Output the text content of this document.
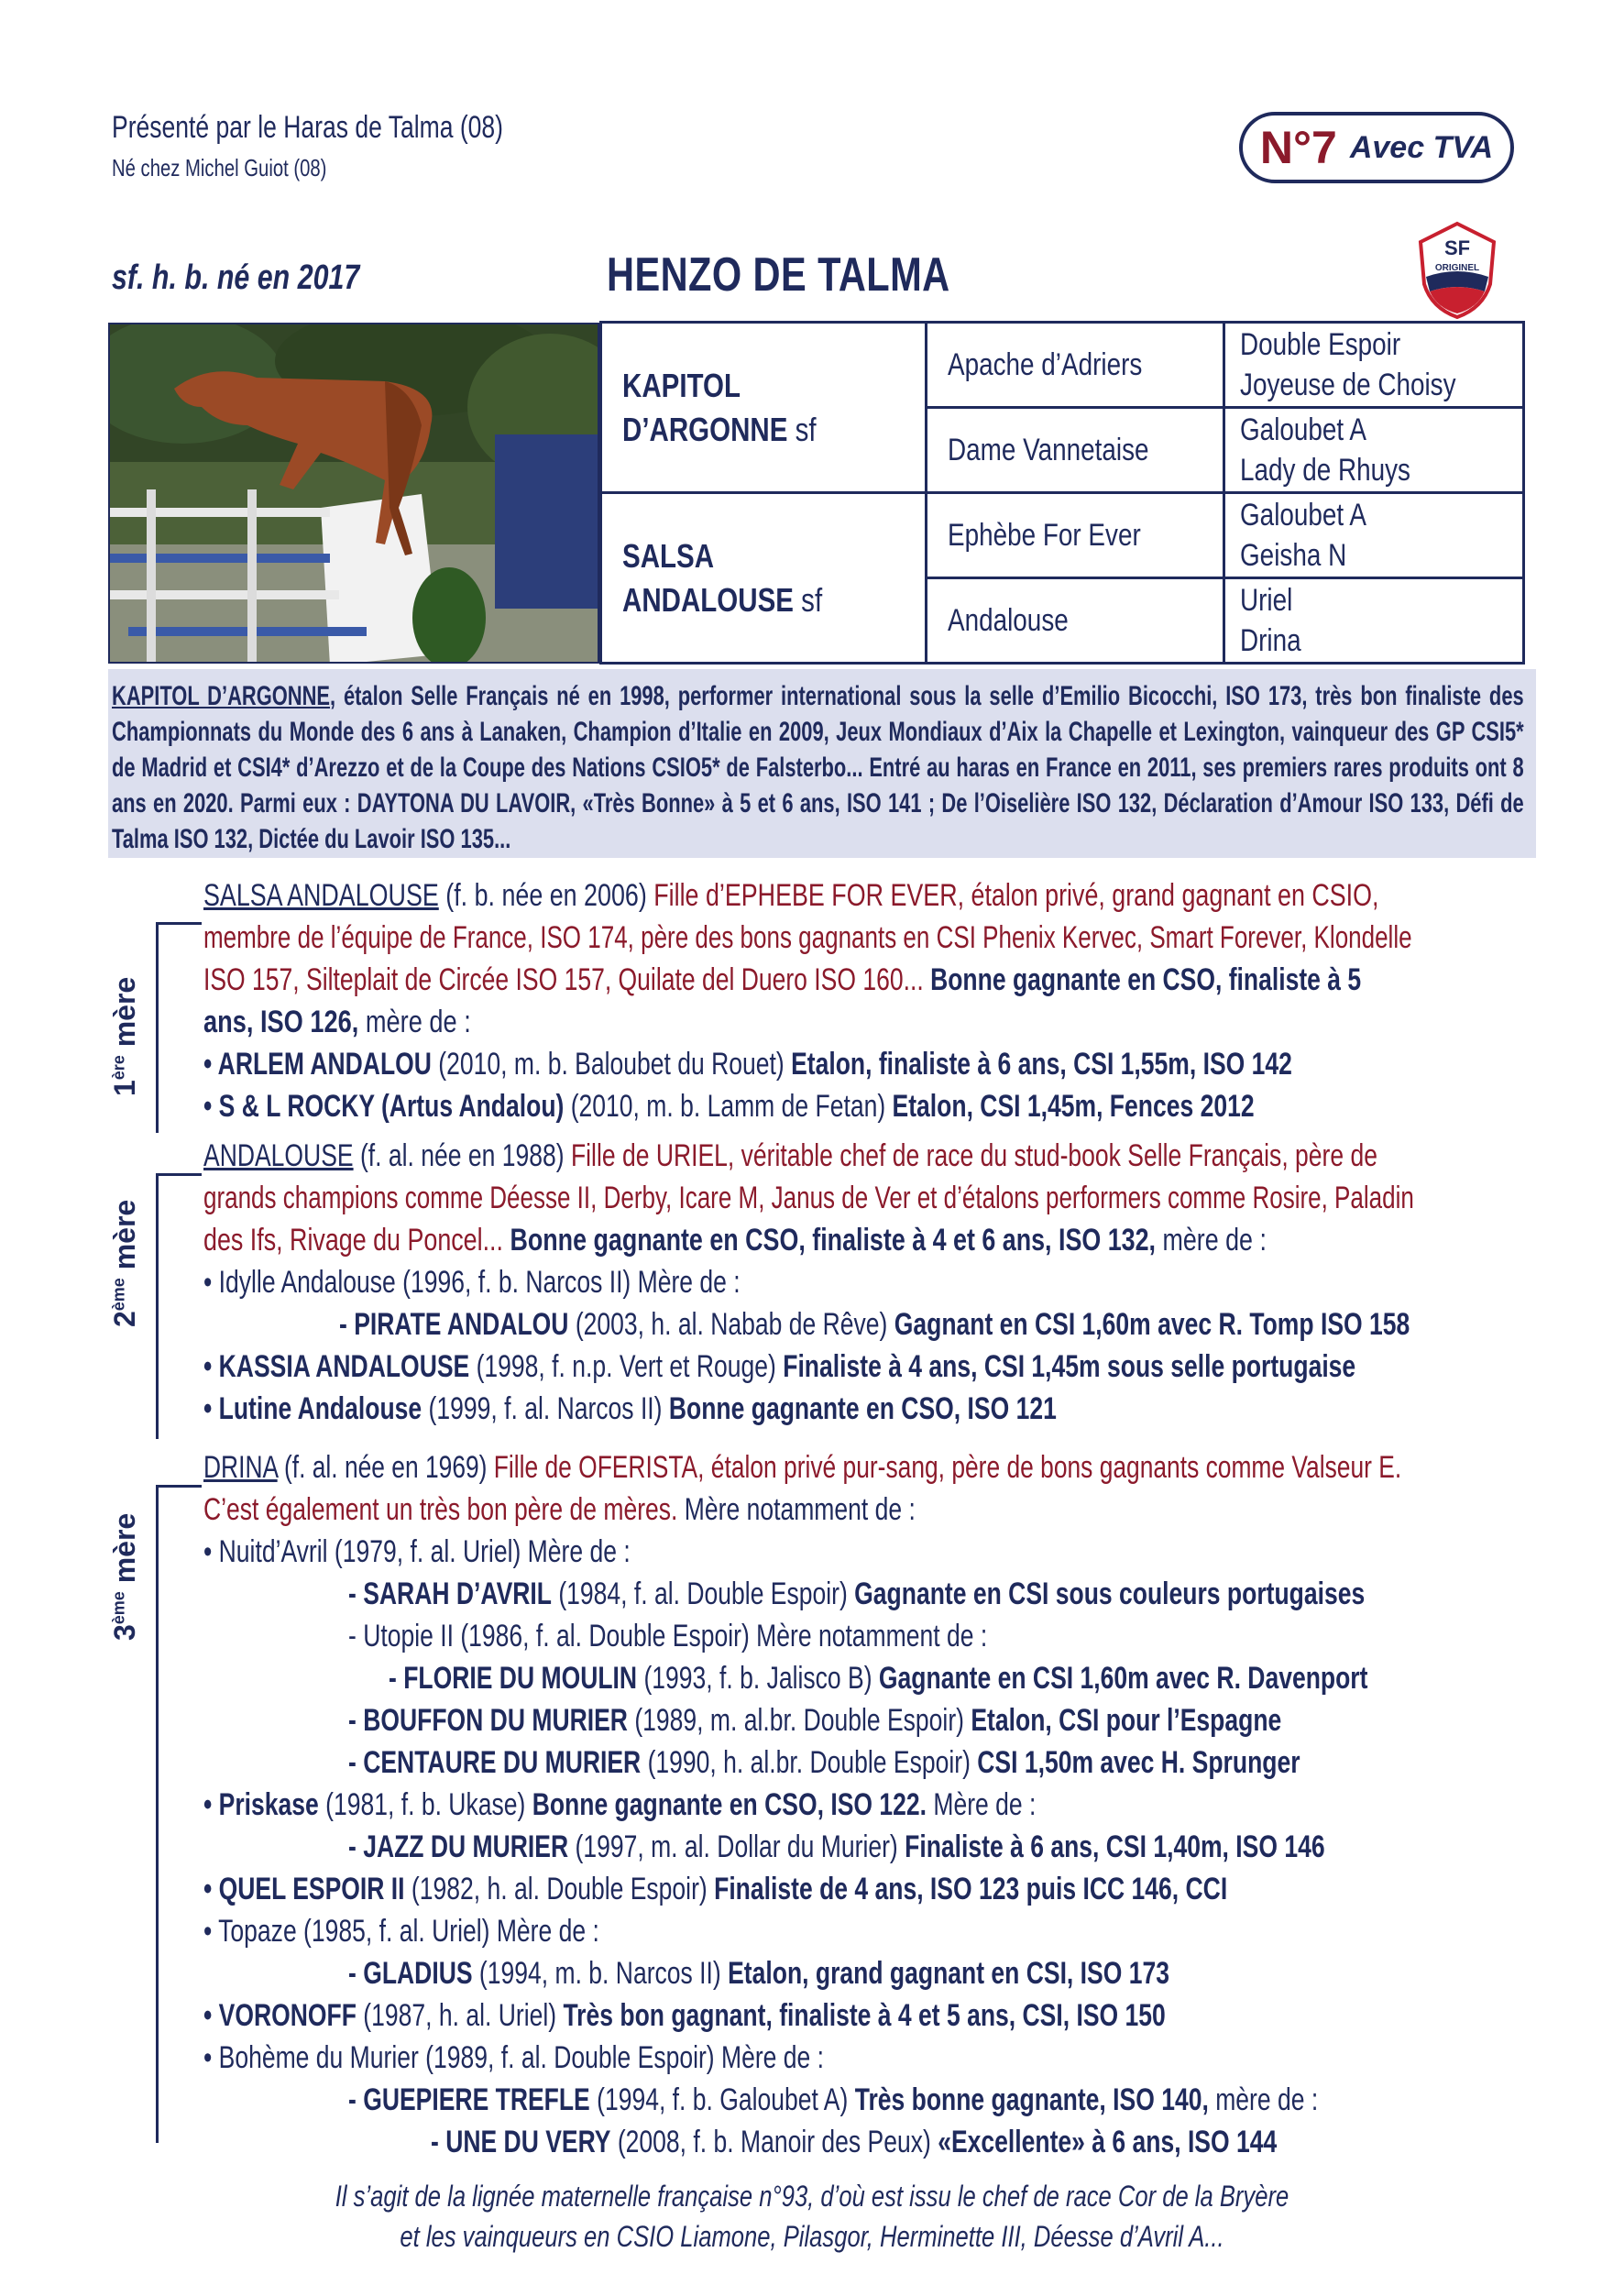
Présenté par le Haras de Talma (08)
Né chez Michel Guiot (08)	N°7 Avec TVA
sf. h. b. né en 2017	HENZO DE TALMA
SF
ORIGINEL
KAPITOL D’ARGONNE sf	Apache d’Adriers	Double Espoir
Joyeuse de Choisy
	Dame Vannetaise	Galoubet A
Lady de Rhuys
SALSA ANDALOUSE sf	Ephèbe For Ever	Galoubet A
Geisha N
	Andalouse	Uriel
Drina
KAPITOL D’ARGONNE, étalon Selle Français né en 1998, performer international sous la selle d’Emilio Bicocchi, ISO 173, très bon finaliste des Championnats du Monde des 6 ans à Lanaken, Champion d’Italie en 2009, Jeux Mondiaux d’Aix la Chapelle et Lexington, vainqueur des GP CSI5* de Madrid et CSI4* d’Arezzo et de la Coupe des Nations CSIO5* de Falsterbo... Entré au haras en France en 2011, ses premiers rares produits ont 8 ans en 2020. Parmi eux : DAYTONA DU LAVOIR, «Très Bonne» à 5 et 6 ans, ISO 141 ; De l’Oiselière ISO 132, Déclaration d’Amour ISO 133, Défi de Talma ISO 132, Dictée du Lavoir ISO 135...
1ère mère
SALSA ANDALOUSE (f. b. née en 2006) Fille d’EPHEBE FOR EVER, étalon privé, grand gagnant en CSIO,
membre de l’équipe de France, ISO 174, père des bons gagnants en CSI Phenix Kervec, Smart Forever, Klondelle
ISO 157, Silteplait de Circée ISO 157, Quilate del Duero ISO 160... Bonne gagnante en CSO, finaliste à 5
ans, ISO 126, mère de :
• ARLEM ANDALOU (2010, m. b. Baloubet du Rouet) Etalon, finaliste à 6 ans, CSI 1,55m, ISO 142
• S & L ROCKY (Artus Andalou) (2010, m. b. Lamm de Fetan) Etalon, CSI 1,45m, Fences 2012
2ème mère
ANDALOUSE (f. al. née en 1988) Fille de URIEL, véritable chef de race du stud-book Selle Français, père de
grands champions comme Déesse II, Derby, Icare M, Janus de Ver et d’étalons performers comme Rosire, Paladin
des Ifs, Rivage du Poncel... Bonne gagnante en CSO, finaliste à 4 et 6 ans, ISO 132, mère de :
• Idylle Andalouse (1996, f. b. Narcos II) Mère de :
- PIRATE ANDALOU (2003, h. al. Nabab de Rêve) Gagnant en CSI 1,60m avec R. Tomp ISO 158
• KASSIA ANDALOUSE (1998, f. n.p. Vert et Rouge) Finaliste à 4 ans, CSI 1,45m sous selle portugaise
• Lutine Andalouse (1999, f. al. Narcos II) Bonne gagnante en CSO, ISO 121
3ème mère
DRINA (f. al. née en 1969) Fille de OFERISTA, étalon privé pur-sang, père de bons gagnants comme Valseur E.
C’est également un très bon père de mères. Mère notamment de :
• Nuitd’Avril (1979, f. al. Uriel) Mère de :
- SARAH D’AVRIL (1984, f. al. Double Espoir) Gagnante en CSI sous couleurs portugaises
- Utopie II (1986, f. al. Double Espoir) Mère notamment de :
- FLORIE DU MOULIN (1993, f. b. Jalisco B) Gagnante en CSI 1,60m avec R. Davenport
- BOUFFON DU MURIER (1989, m. al.br. Double Espoir) Etalon, CSI pour l’Espagne
- CENTAURE DU MURIER (1990, h. al.br. Double Espoir) CSI 1,50m avec H. Sprunger
• Priskase (1981, f. b. Ukase) Bonne gagnante en CSO, ISO 122. Mère de :
- JAZZ DU MURIER (1997, m. al. Dollar du Murier) Finaliste à 6 ans, CSI 1,40m, ISO 146
• QUEL ESPOIR II (1982, h. al. Double Espoir) Finaliste de 4 ans, ISO 123 puis ICC 146, CCI
• Topaze (1985, f. al. Uriel) Mère de :
- GLADIUS (1994, m. b. Narcos II) Etalon, grand gagnant en CSI, ISO 173
• VORONOFF (1987, h. al. Uriel) Très bon gagnant, finaliste à 4 et 5 ans, CSI, ISO 150
• Bohème du Murier (1989, f. al. Double Espoir) Mère de :
- GUEPIERE TREFLE (1994, f. b. Galoubet A) Très bonne gagnante, ISO 140, mère de :
- UNE DU VERY (2008, f. b. Manoir des Peux) «Excellente» à 6 ans, ISO 144
Il s’agit de la lignée maternelle française n°93, d’où est issu le chef de race Cor de la Bryère
et les vainqueurs en CSIO Liamone, Pilasgor, Herminette III, Déesse d’Avril A...
